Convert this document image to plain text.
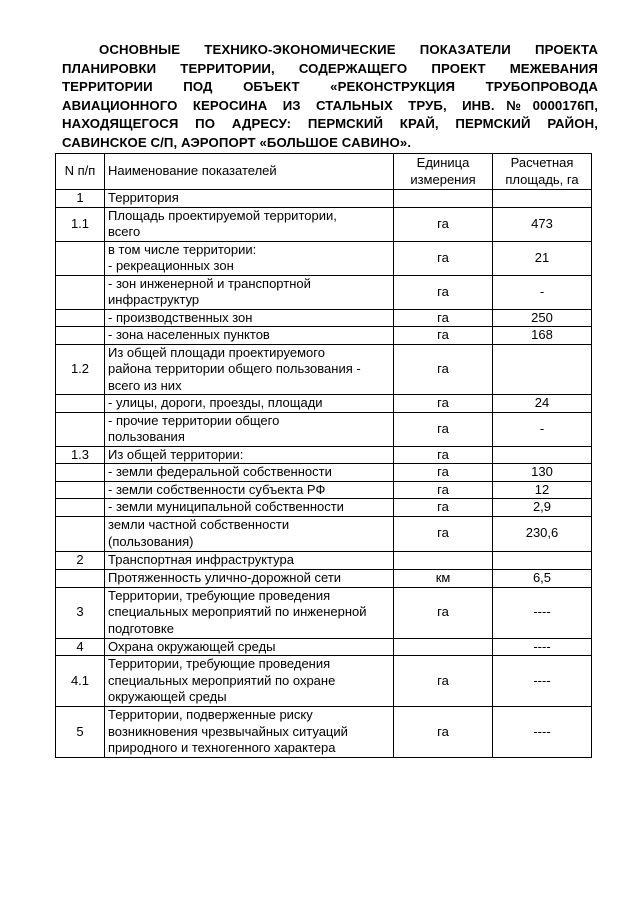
ОСНОВНЫЕ ТЕХНИКО-ЭКОНОМИЧЕСКИЕ ПОКАЗАТЕЛИ ПРОЕКТА
ПЛАНИРОВКИ ТЕРРИТОРИИ, СОДЕРЖАЩЕГО ПРОЕКТ МЕЖЕВАНИЯ
ТЕРРИТОРИИ ПОД ОБЪЕКТ «РЕКОНСТРУКЦИЯ ТРУБОПРОВОДА
АВИАЦИОННОГО КЕРОСИНА ИЗ СТАЛЬНЫХ ТРУБ, ИНВ.№0000176П,
НАХОДЯЩЕГОСЯ ПО АДРЕСУ: ПЕРМСКИЙ КРАЙ, ПЕРМСКИЙ РАЙОН,
САВИНСКОЕ С/П, АЭРОПОРТ «БОЛЬШОЕ САВИНО».
N п/п	Наименование показателей	Единица
измерения	Расчетная
площадь, га
1	Территория		
1.1	Площадь проектируемой территории,
всего	га	473
	в том числе территории:
- рекреационных зон	га	21
	- зон инженерной и транспортной
инфраструктур	га	-
	- производственных зон	га	250
	- зона населенных пунктов	га	168
1.2	Из общей площади проектируемого
района территории общего пользования -
всего из них	га	
	- улицы, дороги, проезды, площади	га	24
	- прочие территории общего
пользования	га	-
1.3	Из общей территории:	га	
	- земли федеральной собственности	га	130
	- земли собственности субъекта РФ	га	12
	- земли муниципальной собственности	га	2,9
	земли частной собственности
(пользования)	га	230,6
2	Транспортная инфраструктура		
	Протяженность улично-дорожной сети	км	6,5
3	Территории, требующие проведения
специальных мероприятий по инженерной
подготовке	га	----
4	Охрана окружающей среды		----
4.1	Территории, требующие проведения
специальных мероприятий по охране
окружающей среды	га	----
5	Территории, подверженные риску
возникновения чрезвычайных ситуаций
природного и техногенного характера	га	----
